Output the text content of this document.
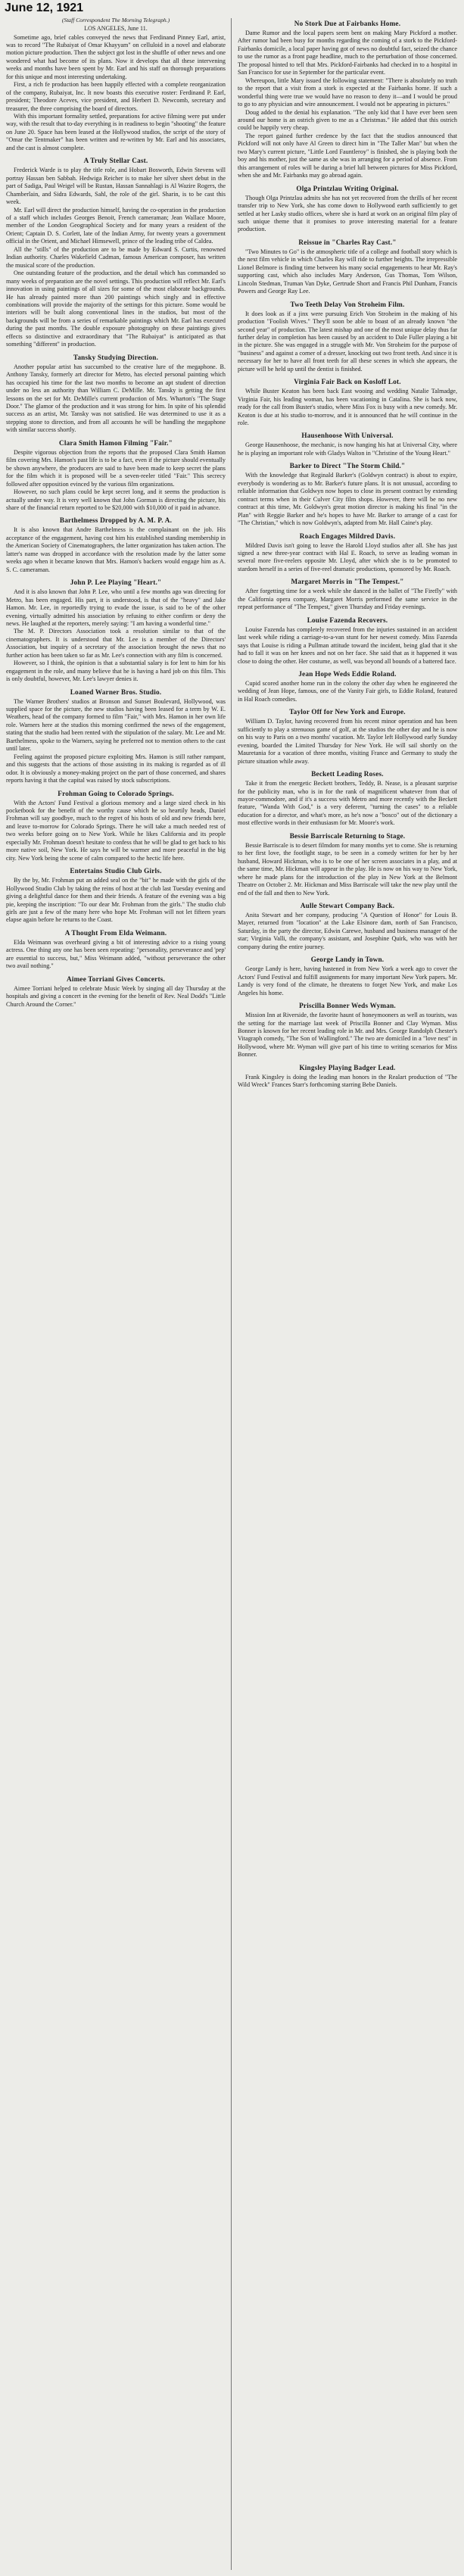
June 12, 1921
(Staff Correspondent The Morning Telegraph.)
LOS ANGELES, June 11.

Sometime ago, brief cables conveyed the news that Ferdinand Pinney Earl, artist, was to record "The Rubaiyat of Omar Khayyam" on celluloid in a novel and elaborate motion picture production. Then the subject got lost in the shuffle of other news and one wondered what had become of its plans. Now it develops that all these intervening weeks and months have been spent by Mr. Earl and his staff on thorough preparations for this unique and most interesting undertaking.

First, a rich fe production has been happily effected with a complete reorganization of the company, Rubaiyat, Inc. It now boasts this executive roster: Ferdinand P. Earl, president; Theodore Aceves, vice president, and Herbert D. Newcomb, secretary and treasurer, the three comprising the board of directors.

With this important formality settled, preparations for active filming were put under way, with the result that to-day everything is in readiness to begin "shooting" the feature on June 20. Space has been leased at the Hollywood studios, the script of the story of "Omar the Tentmaker" has been written and re-written by Mr. Earl and his associates, and the cast is almost complete.

A Truly Stellar Cast.

Frederick Warde is to play the title role, and Hobart Bosworth, Edwin Stevens will portray Hassan ben Sabbah. Hedwiga Reicher is to make her silver sheet debut in the part of Sadiga, Paul Weigel will be Rustan, Hassan Sannahlagi is Al Wazire Rogers, the Chamberlain, and Sidra Edwards, Sahl, the role of the girl. Sharin, is to be cast this week.

Mr. Earl will direct the production himself, having the co-operation in the production of a staff which includes Georges Benoit, French cameraman; Jean Wallace Moore, member of the London Geographical Society and for many years a resident of the Orient; Captain D. S. Corlett, late of the Indian Army, for twenty years a government official in the Orient, and Michael Himsewell, prince of the leading tribe of Caldea.

All the "stills" of the production are to be made by Edward S. Curtis, renowned Indian authority. Charles Wakefield Cadman, famous American composer, has written the musical score of the production.

One outstanding feature of the production, and the detail which has commanded so many weeks of preparation are the novel settings. This production will reflect Mr. Earl's innovation in using paintings of all sizes for some of the most elaborate backgrounds. He has already painted more than 200 paintings which singly and in effective combinations will provide the majority of the settings for this picture. Some would be interiors will be built along conventional lines in the studios, but most of the backgrounds will be from a series of remarkable paintings which Mr. Earl has executed during the past months. The double exposure photography on these paintings gives effects so distinctive and extraordinary that "The Rubaiyat" is anticipated as that something "different" in production.

Tansky Studying Direction.

Another popular artist has succumbed to the creative lure of the megaphone. B. Anthony Tansky, formerly art director for Metro, has elected personal painting which has occupied his time for the last two months to become an apt student of direction under no less an authority than William C. DeMille. Mr. Tansky is getting the first lessons on the set for Mr. DeMille's current production of Mrs. Wharton's "The Stage Door." The glamor of the production and it was strong for him. In spite of his splendid success as an artist, Mr. Tansky was not satisfied. He was determined to use it as a stepping stone to direction, and from all accounts he will be handling the megaphone with similar success shortly.

Clara Smith Hamon Filming "Fair."

Despite vigorous objection from the reports that the proposed Clara Smith Hamon film covering Mrs. Hamon's past life is to be a fact, even if the picture should eventually be shown anywhere, the producers are said to have been made to keep secret the plans for the film which it is proposed will be a seven-reeler titled "Fair." This secrecy followed after opposition evinced by the various film organizations.

However, no such plans could be kept secret long, and it seems the production is actually under way. It is very well known that John Gorman is directing the picture, his share of the financial return reported to be $20,000 with $10,000 of it paid in advance.

Barthelmess Dropped by A. M. P. A.

It is also known that Andre Barthelmess is the complainant on the job. His acceptance of the engagement, having cost him his established standing membership in the American Society of Cinematographers, the latter organization has taken action. The latter's name was dropped in accordance with the resolution made by the latter some weeks ago when it became known that Mrs. Hamon's backers would engage him as A. S. C. cameraman.

John P. Lee Playing "Heart."

And it is also known that John P. Lee, who until a few months ago was directing for Metro, has been engaged. His part, it is understood, is that of the "heavy" and Jake Hamon. Mr. Lee, in reportedly trying to evade the issue, is said to be of the other evening, virtually admitted his association by refusing to either confirm or deny the news. He laughed at the reporters, merely saying: "I am having a wonderful time."

The M. P. Directors Association took a resolution similar to that of the cinematographers. It is understood that Mr. Lee is a member of the Directors' Association, but inquiry of a secretary of the association brought the news that no further action has been taken so far as Mr. Lee's connection with any film is concerned.

However, so I think, the opinion is that a substantial salary is for lent to him for his engagement in the role, and many believe that he is having a hard job on this film. This is only doubtful, however, Mr. Lee's lawyer denies it.

Loaned Warner Bros. Studio.

The Warner Brothers' studios at Bronson and Sunset Boulevard, Hollywood, was supplied space for the picture, the new studios having been leased for a term by W. E. Weathers, head of the company formed to film "Fair," with Mrs. Hamon in her own life role. Warners here at the studios this morning confirmed the news of the engagement, stating that the studio had been rented with the stipulation of the salary. Mr. Lee and Mr. Barthelmess, spoke to the Warners, saying he preferred not to mention others to the cast until later.

Feeling against the proposed picture exploiting Mrs. Hamon is still rather rampant, and this suggests that the actions of those assisting in its making is regarded as of ill odor. It is obviously a money-making project on the part of those concerned, and shares reports having it that the capital was raised by stock subscriptions.

Frohman Going to Colorado Springs.

With the Actors' Fund Festival a glorious memory and a large sized check in his pocketbook for the benefit of the worthy cause which he so heartily heads, Daniel Frohman will say goodbye, much to the regret of his hosts of old and new friends here, and leave to-morrow for Colorado Springs. There he will take a much needed rest of two weeks before going on to New York. While he likes California and its people especially Mr. Frohman doesn't hesitate to confess that he will be glad to get back to his more native soil, New York. He says he will be warmer and more peaceful in the big city. New York being the scene of calm compared to the hectic life here.

Entertains Studio Club Girls.

By the by, Mr. Frohman put an added seal on the "bit" he made with the girls of the Hollywood Studio Club by taking the reins of host at the club last Tuesday evening and giving a delightful dance for them and their friends. A feature of the evening was a big pie, keeping the inscription: "To our dear Mr. Frohman from the girls." The studio club girls are just a few of the many here who hope Mr. Frohman will not let fifteen years elapse again before he returns to the Coast.

A Thought From Elda Weimann.

Elda Weimann was overheard giving a bit of interesting advice to a rising young actress. One thing any one has been seen repeating: "personality, perseverance and 'pep' are essential to success, but," Miss Weimann added, "without perseverance the other two avail nothing."

Aimee Torriani Gives Concerts.

Aimee Torriani helped to celebrate Music Week by singing all day Thursday at the hospitals and giving a concert in the evening for the benefit of Rev. Neal Dodd's "Little Church Around the Corner."

No Stork Due at Fairbanks Home.

Dame Rumor and the local papers seem bent on making Mary Pickford a mother. After rumor had been busy for months regarding the coming of a stork to the Pickford-Fairbanks domicile, a local paper having got of news no doubtful fact, seized the chance to use the rumor as a front page headline, much to the perturbation of those concerned. The proposal hinted to tell that Mrs. Pickford-Fairbanks had checked in to a hospital in San Francisco for use in September for the particular event.

Whereupon, little Mary issued the following statement: "There is absolutely no truth to the report that a visit from a stork is expected at the Fairbanks home. If such a wonderful thing were true we would have no reason to deny it—and I would be proud to go to any physician and wire announcement. I would not be appearing in pictures."

Doug added to the denial his explanation. "The only kid that I have ever been seen around our home is an ostrich given to me as a Christmas." He added that this ostrich could be happily very cheap.

The report gained further credence by the fact that the studios announced that Pickford will not only have Al Green to direct him in "The Taller Man" but when the two Mary's current picture, "Little Lord Fauntleroy" is finished, she is playing both the boy and his mother, just the same as she was in arranging for a period of absence. From this arrangement of roles will be during a brief lull between pictures for Miss Pickford, when she and Mr. Fairbanks may go abroad again.

Olga Printzlau Writing Original.

Though Olga Printzlau admits she has not yet recovered from the thrills of her recent transfer trip to New York, she has come down to Hollywood earth sufficiently to get settled at her Lasky studio offices, where she is hard at work on an original film play of such unique theme that it promises to prove interesting material for a feature production.

Reissue in "Charles Ray Cast."

"Two Minutes to Go" is the atmospheric title of a college and football story which is the next film vehicle in which Charles Ray will ride to further heights. The irrepressible Lionel Belmore is finding time between his many social engagements to hear Mr. Ray's supporting cast, which also includes Mary Anderson, Gus Thomas, Tom Wilson, Lincoln Stedman, Truman Van Dyke, Gertrude Short and Francis Phil Dunham, Francis Powers and George Ray Lee.

Two Teeth Delay Von Stroheim Film.

It does look as if a jinx were pursuing Erich Von Stroheim in the making of his production "Foolish Wives." They'll soon be able to boast of an already known "the second year" of production. The latest mishap and one of the most unique delay thus far further delay in completion has been caused by an accident to Dale Fuller playing a bit in the picture. She was engaged in a struggle with Mr. Von Stroheim for the purpose of "business" and against a corner of a dresser, knocking out two front teeth. And since it is necessary for her to have all front teeth for all these scenes in which she appears, the picture will be held up until the dentist is finished.

Virginia Fair Back on Kosloff Lot.

While Buster Keaton has been back East wooing and wedding Natalie Talmadge, Virginia Fair, his leading woman, has been vacationing in Catalina. She is back now, ready for the call from Buster's studio, where Miss Fox is busy with a new comedy. Mr. Keaton is due at his studio to-morrow, and it is announced that he will continue in the role.

Hausenhoose With Universal.

George Hausenhoose, the mechanic, is now hanging his hat at Universal City, where he is playing an important role with Gladys Walton in "Christine of the Young Heart."

Barker to Direct "The Storm Child."

With the knowledge that Reginald Barker's (Goldwyn contract) is about to expire, everybody is wondering as to Mr. Barker's future plans. It is not unusual, according to reliable information that Goldwyn now hopes to close its present contract by extending contract terms when in their Culver City film shops. However, there will be no new contract at this time, Mr. Goldwyn's great motion director is making his final "in the Plan" with Reggie Barker and he's hopes to have Mr. Barker to arrange of a cast for "The Christian," which is now Goldwyn's, adapted from Mr. Hall Caine's play.

Roach Engages Mildred Davis.

Mildred Davis isn't going to leave the Harold Lloyd studios after all. She has just signed a new three-year contract with Hal E. Roach, to serve as leading woman in several more five-reelers opposite Mr. Lloyd, after which she is to be promoted to stardom herself in a series of five-reel dramatic productions, sponsored by Mr. Roach.

Margaret Morris in "The Tempest."

After forgetting time for a week while she danced in the ballet of "The Firefly" with the California opera company, Margaret Morris performed the same service in the repeat performance of "The Tempest," given Thursday and Friday evenings.

Louise Fazenda Recovers.

Louise Fazenda has completely recovered from the injuries sustained in an accident last week while riding a carriage-to-a-van stunt for her newest comedy. Miss Fazenda says that Louise is riding a Pullman attitude toward the incident, being glad that it she had to fall it was on her knees and not on her face. She said that as it happened it was close to doing the other. Her costume, as well, was beyond all bounds of a battered face.

Jean Hope Weds Eddie Roland.

Cupid scored another home run in the colony the other day when he engineered the wedding of Jean Hope, famous, one of the Vanity Fair girls, to Eddie Roland, featured in Hal Roach comedies.

Taylor Off for New York and Europe.

William D. Taylor, having recovered from his recent minor operation and has been sufficiently to play a strenuous game of golf, at the studios the other day and he is now on his way to Paris on a two months' vacation. Mr. Taylor left Hollywood early Sunday evening, boarded the Limited Thursday for New York. He will sail shortly on the Mauretania for a vacation of three months, visiting France and Germany to study the picture situation while away.

Beckett Leading Roses.

Take it from the energetic Beckett brothers, Teddy, B. Nease, is a pleasant surprise for the publicity man, who is in for the rank of magnificent whatever from that of mayor-commodore, and if it's a success with Metro and more recently with the Beckett feature, "Wanda With God," is a very deferent, "turning the cases" to a reliable education for a director, and what's more, as he's now a "bosco" out of the dictionary a most effective words in their enthusiasm for Mr. Moore's work.

Bessie Barriscale Returning to Stage.

Bessie Barriscale is to desert filmdom for many months yet to come. She is returning to her first love, the footlight stage, to be seen in a comedy written for her by her husband, Howard Hickman, who is to be one of her screen associates in a play, and at the same time, Mr. Hickman will appear in the play. He is now on his way to New York, where he made plans for the introduction of the play in New York at the Belmont Theatre on October 2. Mr. Hickman and Miss Barriscale will take the new play until the end of the fall and then to New York.

Aulle Stewart Company Back.

Anita Stewart and her company, producing "A Question of Honor" for Louis B. Mayer, returned from "location" at the Lake Elsinore dam, north of San Francisco, Saturday, in the party the director, Edwin Carewe, husband and business manager of the star; Virginia Valli, the company's assistant, and Josephine Quirk, who was with her company during the entire journey.

George Landy in Town.

George Landy is here, having hastened in from New York a week ago to cover the Actors' Fund Festival and fulfill assignments for many important New York papers. Mr. Landy is very fond of the climate, he threatens to forget New York, and make Los Angeles his home.

Priscilla Bonner Weds Wyman.

Mission Inn at Riverside, the favorite haunt of honeymooners as well as tourists, was the setting for the marriage last week of Priscilla Bonner and Clay Wyman. Miss Bonner is known for her recent leading role in Mr. and Mrs. George Randolph Chester's Vitagraph comedy, "The Son of Wallingford." The two are domiciled in a "love nest" in Hollywood, where Mr. Wyman will give part of his time to writing scenarios for Miss Bonner.

Kingsley Playing Badger Lead.

Frank Kingsley is doing the leading man honors in the Realart production of "The Wild Wreck" Frances Starr's forthcoming starring Bebe Daniels.
